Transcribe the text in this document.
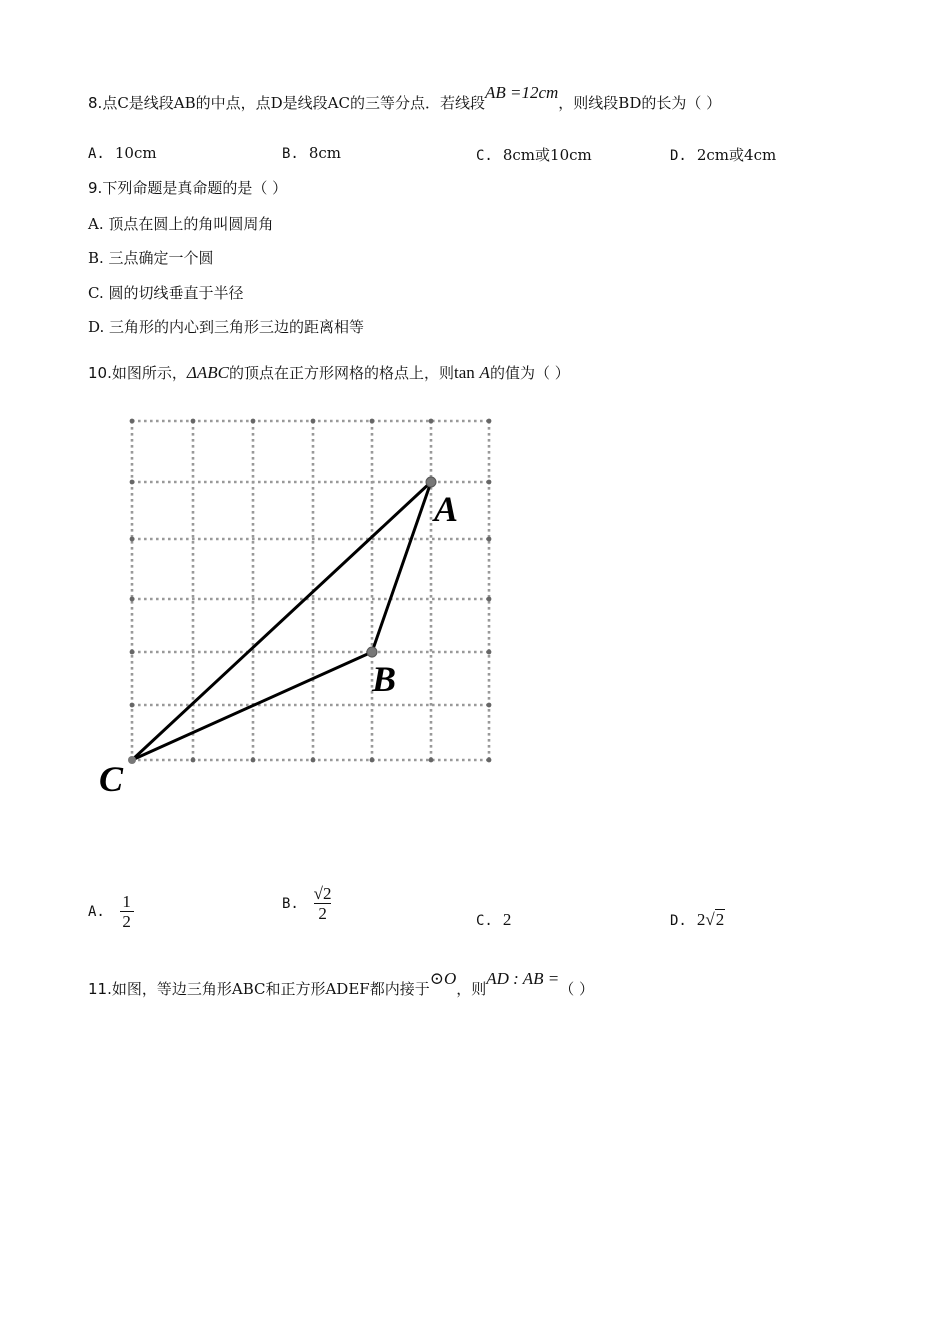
8.点C是线段AB的中点，点D是线段AC的三等分点．若线段AB =12cm，则线段BD的长为（ ）
A. 10cm	B. 8cm	C. 8cm或10cm	D. 2cm或4cm
9.下列命题是真命题的是（ ）
A. 顶点在圆上的角叫圆周角
B. 三点确定一个圆
C. 圆的切线垂直于半径
D. 三角形的内心到三角形三边的距离相等
10.如图所示，ΔABC的顶点在正方形网格的格点上，则tan A的值为（ ）
A
B
C
A. $\frac{1}{2}$	B. $\frac{√2}{2}$	C. 2	D. 2√2
11.如图，等边三角形ABC和正方形ADEF都内接于⊙O，则AD : AB =（ ）
